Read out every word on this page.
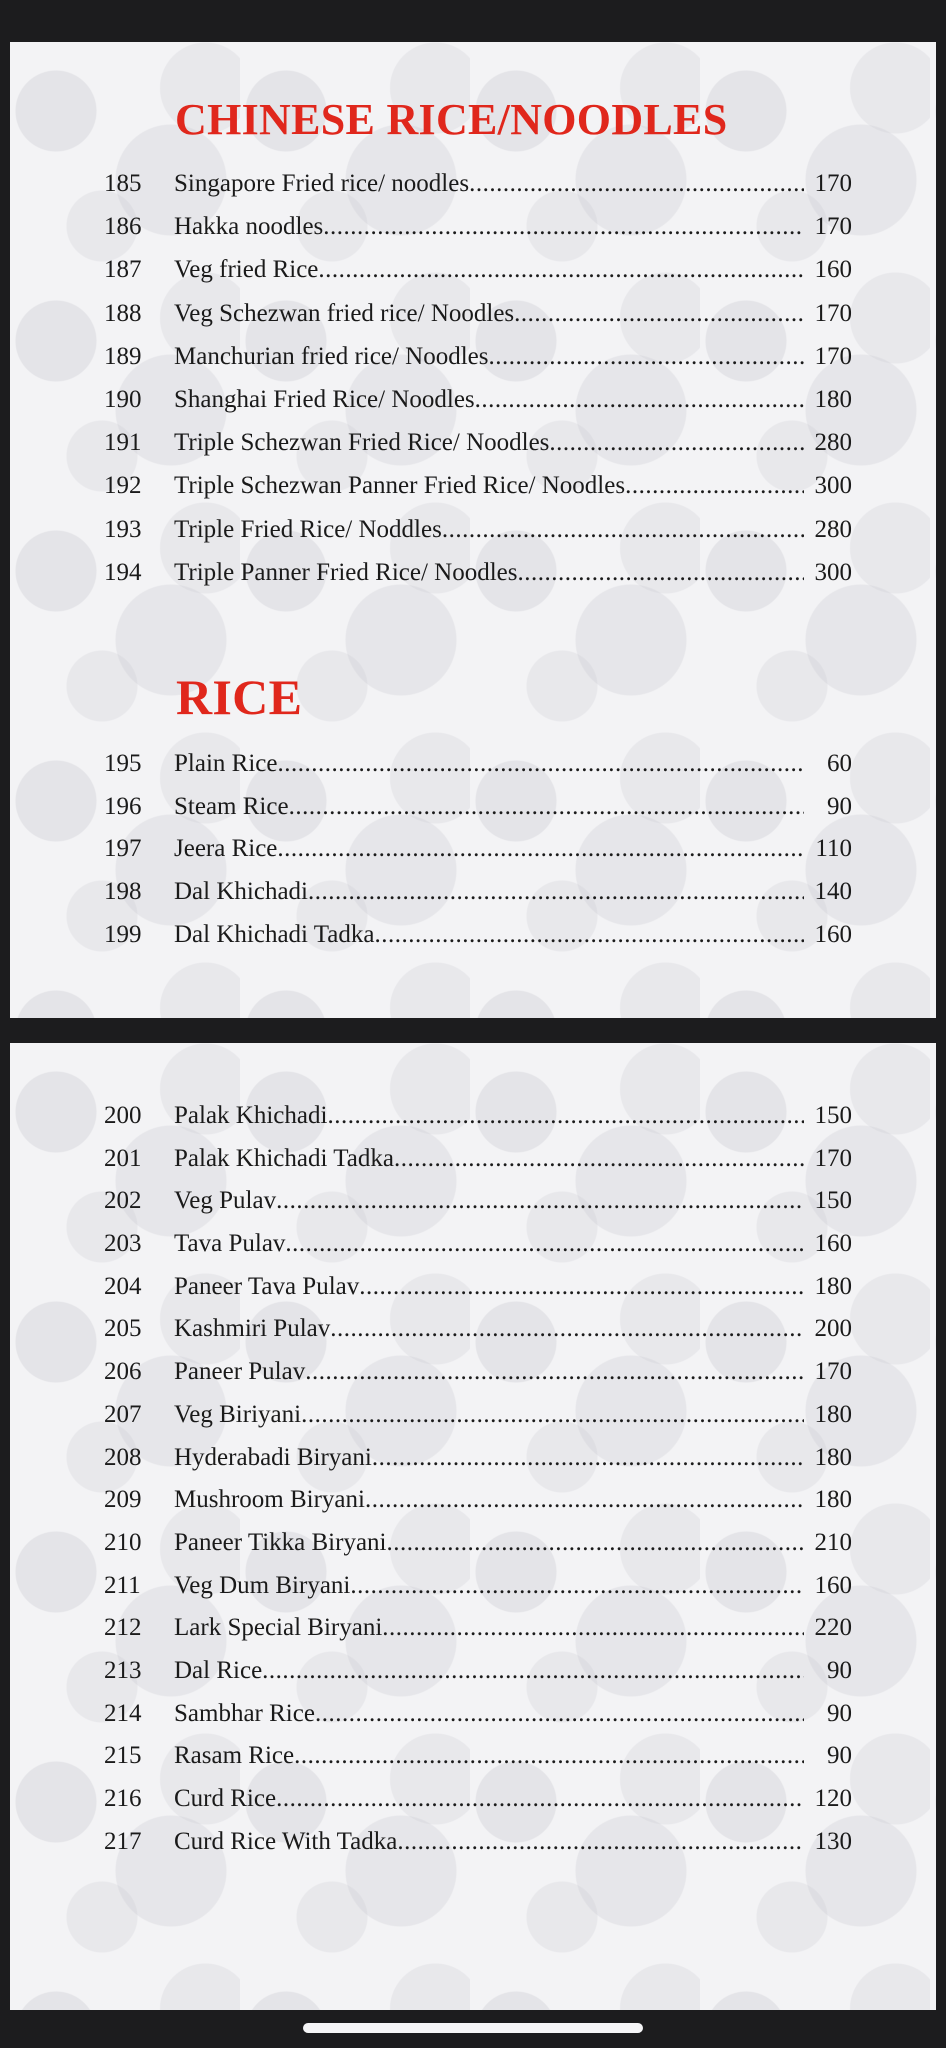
CHINESE RICE/NOODLES
185	Singapore Fried rice/ noodles .....	170
186	Hakka noodles .....	170
187	Veg fried Rice .....	160
188	Veg Schezwan fried rice/ Noodles .....	170
189	Manchurian fried rice/ Noodles .....	170
190	Shanghai Fried Rice/ Noodles .....	180
191	Triple Schezwan Fried Rice/ Noodles .....	280
192	Triple Schezwan Panner Fried Rice/ Noodles .....	300
193	Triple Fried Rice/ Noddles .....	280
194	Triple Panner Fried Rice/ Noodles .....	300
RICE
195	Plain Rice .....	60
196	Steam Rice .....	90
197	Jeera Rice .....	110
198	Dal Khichadi .....	140
199	Dal Khichadi Tadka .....	160
200	Palak Khichadi .....	150
201	Palak Khichadi Tadka .....	170
202	Veg Pulav .....	150
203	Tava Pulav .....	160
204	Paneer Tava Pulav .....	180
205	Kashmiri Pulav .....	200
206	Paneer Pulav .....	170
207	Veg Biriyani .....	180
208	Hyderabadi Biryani .....	180
209	Mushroom Biryani .....	180
210	Paneer Tikka Biryani .....	210
211	Veg Dum Biryani .....	160
212	Lark Special Biryani .....	220
213	Dal Rice .....	90
214	Sambhar Rice .....	90
215	Rasam Rice .....	90
216	Curd Rice .....	120
217	Curd Rice With Tadka .....	130
